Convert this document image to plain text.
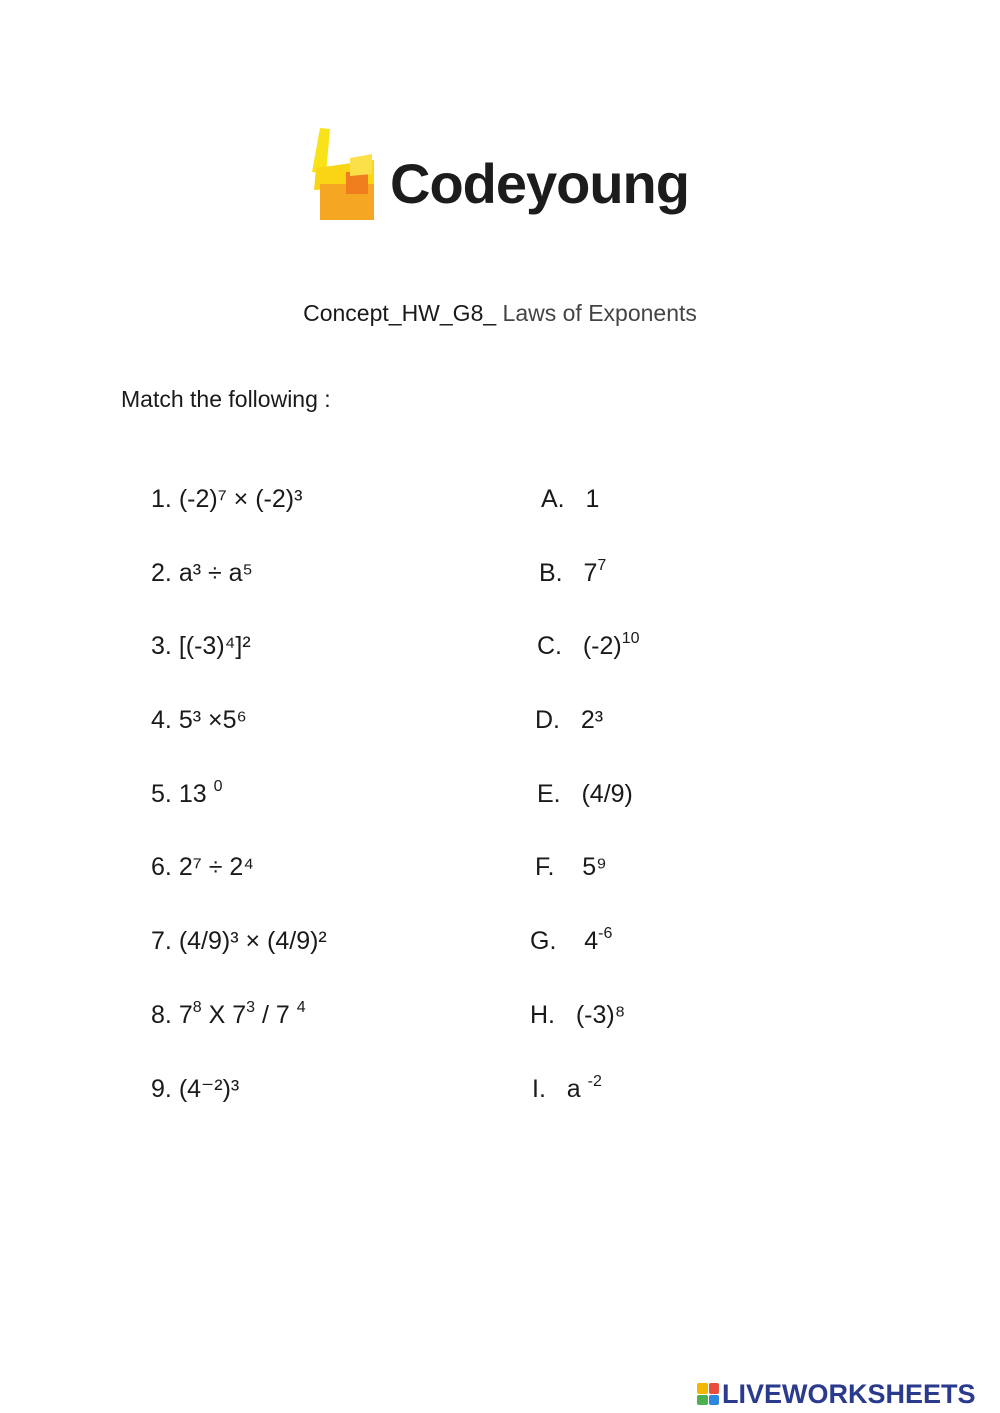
Codeyoung
Concept_HW_G8_ Laws of Exponents
Match the following :
1. (-2)⁷ × (-2)³
2. a³ ÷ a⁵
3. [(-3)⁴]²
4. 5³ ×5⁶
5. 13 $^0$
6. 2⁷ ÷ 2⁴
7. (4/9)³ × (4/9)²
8. $7^8$ X $7^3 / 7$ $^4$
9. (4⁻²)³
A. 1
B. $7^7$
C. $(-2)^{10}$
D. 2³
E. (4/9)
F. 5⁹
G. $4^{-6}$
H. (-3)⁸
I. a $^{-2}$
LIVEWORKSHEETS
